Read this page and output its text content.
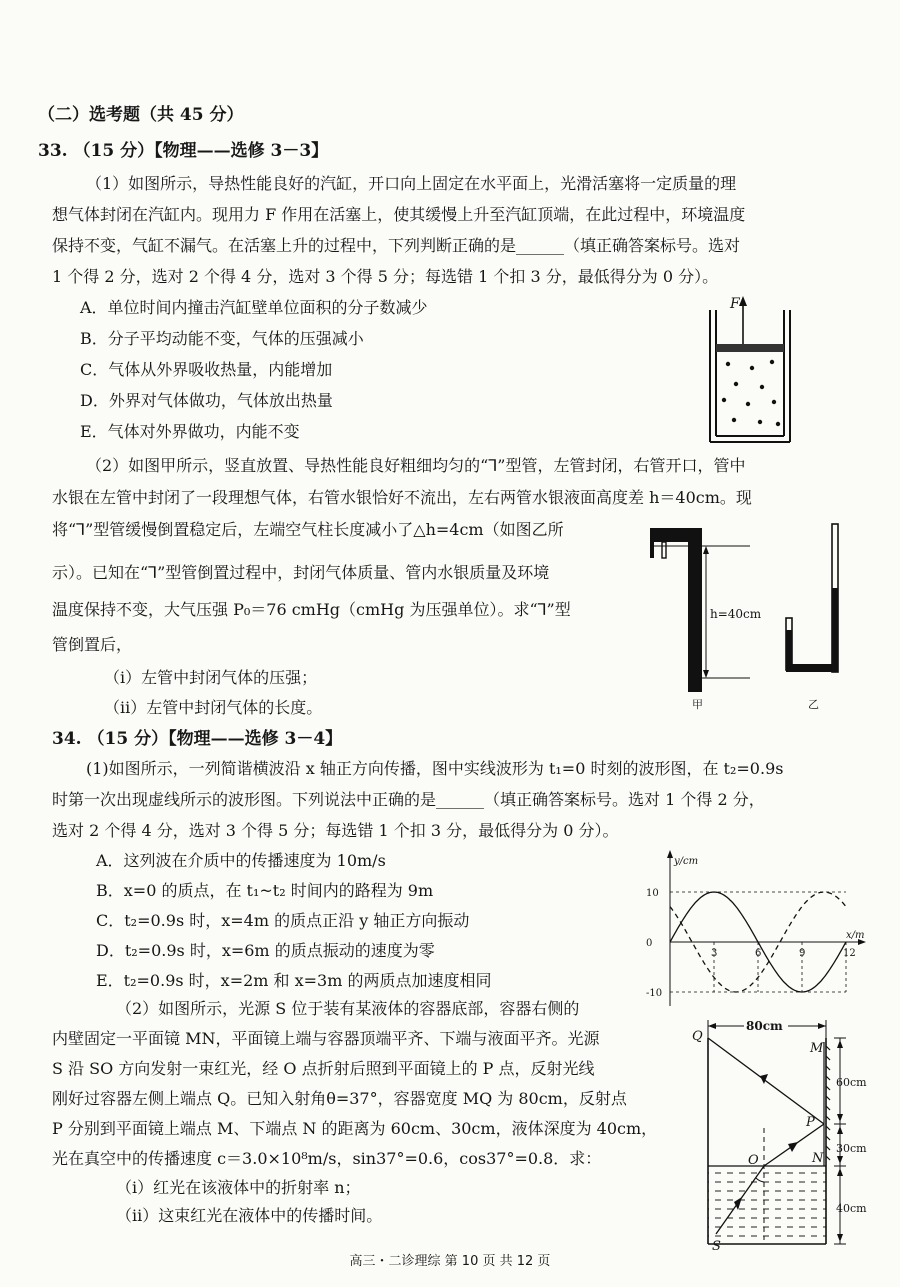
（二）选考题（共 45 分）
33. （15 分）【物理——选修 3－3】
（1）如图所示，导热性能良好的汽缸，开口向上固定在水平面上，光滑活塞将一定质量的理
想气体封闭在汽缸内。现用力 F 作用在活塞上，使其缓慢上升至汽缸顶端，在此过程中，环境温度
保持不变，气缸不漏气。在活塞上升的过程中，下列判断正确的是______（填正确答案标号。选对
1 个得 2 分，选对 2 个得 4 分，选对 3 个得 5 分；每选错 1 个扣 3 分，最低得分为 0 分）。
A．单位时间内撞击汽缸壁单位面积的分子数减少
B．分子平均动能不变，气体的压强减小
C．气体从外界吸收热量，内能增加
D．外界对气体做功，气体放出热量
E．气体对外界做功，内能不变
F
（2）如图甲所示，竖直放置、导热性能良好粗细均匀的“⅂”型管，左管封闭，右管开口，管中
水银在左管中封闭了一段理想气体，右管水银恰好不流出，左右两管水银液面高度差 h＝40cm。现
将“⅂”型管缓慢倒置稳定后，左端空气柱长度减小了△h=4cm（如图乙所
示）。已知在“⅂”型管倒置过程中，封闭气体质量、管内水银质量及环境
温度保持不变，大气压强 P₀＝76 cmHg（cmHg 为压强单位）。求“⅂”型
管倒置后，
（i）左管中封闭气体的压强；
（ii）左管中封闭气体的长度。
h=40cm
甲	乙
34. （15 分）【物理——选修 3－4】
(1)如图所示，一列简谐横波沿 x 轴正方向传播，图中实线波形为 t₁=0 时刻的波形图，在 t₂=0.9s
时第一次出现虚线所示的波形图。下列说法中正确的是______（填正确答案标号。选对 1 个得 2 分，
选对 2 个得 4 分，选对 3 个得 5 分；每选错 1 个扣 3 分，最低得分为 0 分）。
A．这列波在介质中的传播速度为 10m/s
B．x=0 的质点，在 t₁~t₂ 时间内的路程为 9m
C．t₂=0.9s 时，x=4m 的质点正沿 y 轴正方向振动
D．t₂=0.9s 时，x=6m 的质点振动的速度为零
E．t₂=0.9s 时，x=2m 和 x=3m 的两质点加速度相同
y/cm
x/m
10
0
-10
3	6	9	12
（2）如图所示，光源 S 位于装有某液体的容器底部，容器右侧的
内壁固定一平面镜 MN，平面镜上端与容器顶端平齐、下端与液面平齐。光源
S 沿 SO 方向发射一束红光，经 O 点折射后照到平面镜上的 P 点，反射光线
刚好过容器左侧上端点 Q。已知入射角θ=37°，容器宽度 MQ 为 80cm，反射点
P 分别到平面镜上端点 M、下端点 N 的距离为 60cm、30cm，液体深度为 40cm，
光在真空中的传播速度 c＝3.0×10⁸m/s，sin37°=0.6，cos37°=0.8．求：
（i）红光在该液体中的折射率 n；
（ii）这束红光在液体中的传播时间。
80cm
60cm
30cm
40cm
Q
M
P
N
O
S
高三・二诊理综 第 10 页 共 12 页
